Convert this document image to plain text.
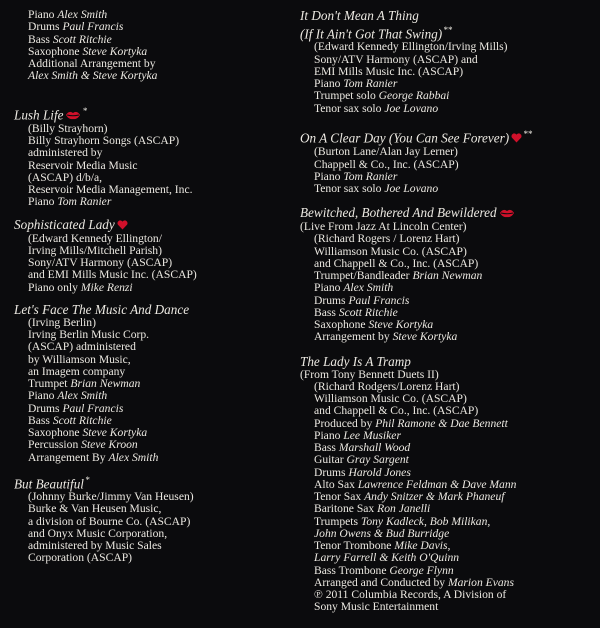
Piano Alex Smith

Drums Paul Francis

Bass Scott Ritchie

Saxophone Steve Kortyka

Additional Arrangement by

Alex Smith & Steve Kortyka

Lush Life *

(Billy Strayhorn)

Billy Strayhorn Songs (ASCAP)

administered by

Reservoir Media Music

(ASCAP) d/b/a,

Reservoir Media Management, Inc.

Piano Tom Ranier

Sophisticated Lady

(Edward Kennedy Ellington/

Irving Mills/Mitchell Parish)

Sony/ATV Harmony (ASCAP)

and EMI Mills Music Inc. (ASCAP)

Piano only Mike Renzi

Let's Face The Music And Dance

(Irving Berlin)

Irving Berlin Music Corp.

(ASCAP) administered

by Williamson Music,

an Imagem company

Trumpet Brian Newman

Piano Alex Smith

Drums Paul Francis

Bass Scott Ritchie

Saxophone Steve Kortyka

Percussion Steve Kroon

Arrangement By Alex Smith

But Beautiful*

(Johnny Burke/Jimmy Van Heusen)

Burke & Van Heusen Music,

a division of Bourne Co. (ASCAP)

and Onyx Music Corporation,

administered by Music Sales

Corporation (ASCAP)

It Don't Mean A Thing

(If It Ain't Got That Swing)**

(Edward Kennedy Ellington/Irving Mills)

Sony/ATV Harmony (ASCAP) and

EMI Mills Music Inc. (ASCAP)

Piano Tom Ranier

Trumpet solo George Rabbai

Tenor sax solo Joe Lovano

On A Clear Day (You Can See Forever) **

(Burton Lane/Alan Jay Lerner)

Chappell & Co., Inc. (ASCAP)

Piano Tom Ranier

Tenor sax solo Joe Lovano

Bewitched, Bothered And Bewildered

(Live From Jazz At Lincoln Center)

(Richard Rogers / Lorenz Hart)

Williamson Music Co. (ASCAP)

and Chappell & Co., Inc. (ASCAP)

Trumpet/Bandleader Brian Newman

Piano Alex Smith

Drums Paul Francis

Bass Scott Ritchie

Saxophone Steve Kortyka

Arrangement by Steve Kortyka

The Lady Is A Tramp

(From Tony Bennett Duets II)

(Richard Rodgers/Lorenz Hart)

Williamson Music Co. (ASCAP)

and Chappell & Co., Inc. (ASCAP)

Produced by Phil Ramone & Dae Bennett

Piano Lee Musiker

Bass Marshall Wood

Guitar Gray Sargent

Drums Harold Jones

Alto Sax Lawrence Feldman & Dave Mann

Tenor Sax Andy Snitzer & Mark Phaneuf

Baritone Sax Ron Janelli

Trumpets Tony Kadleck, Bob Milikan,

John Owens & Bud Burridge

Tenor Trombone Mike Davis,

Larry Farrell & Keith O'Quinn

Bass Trombone George Flynn

Arranged and Conducted by Marion Evans

℗ 2011 Columbia Records, A Division of

Sony Music Entertainment
